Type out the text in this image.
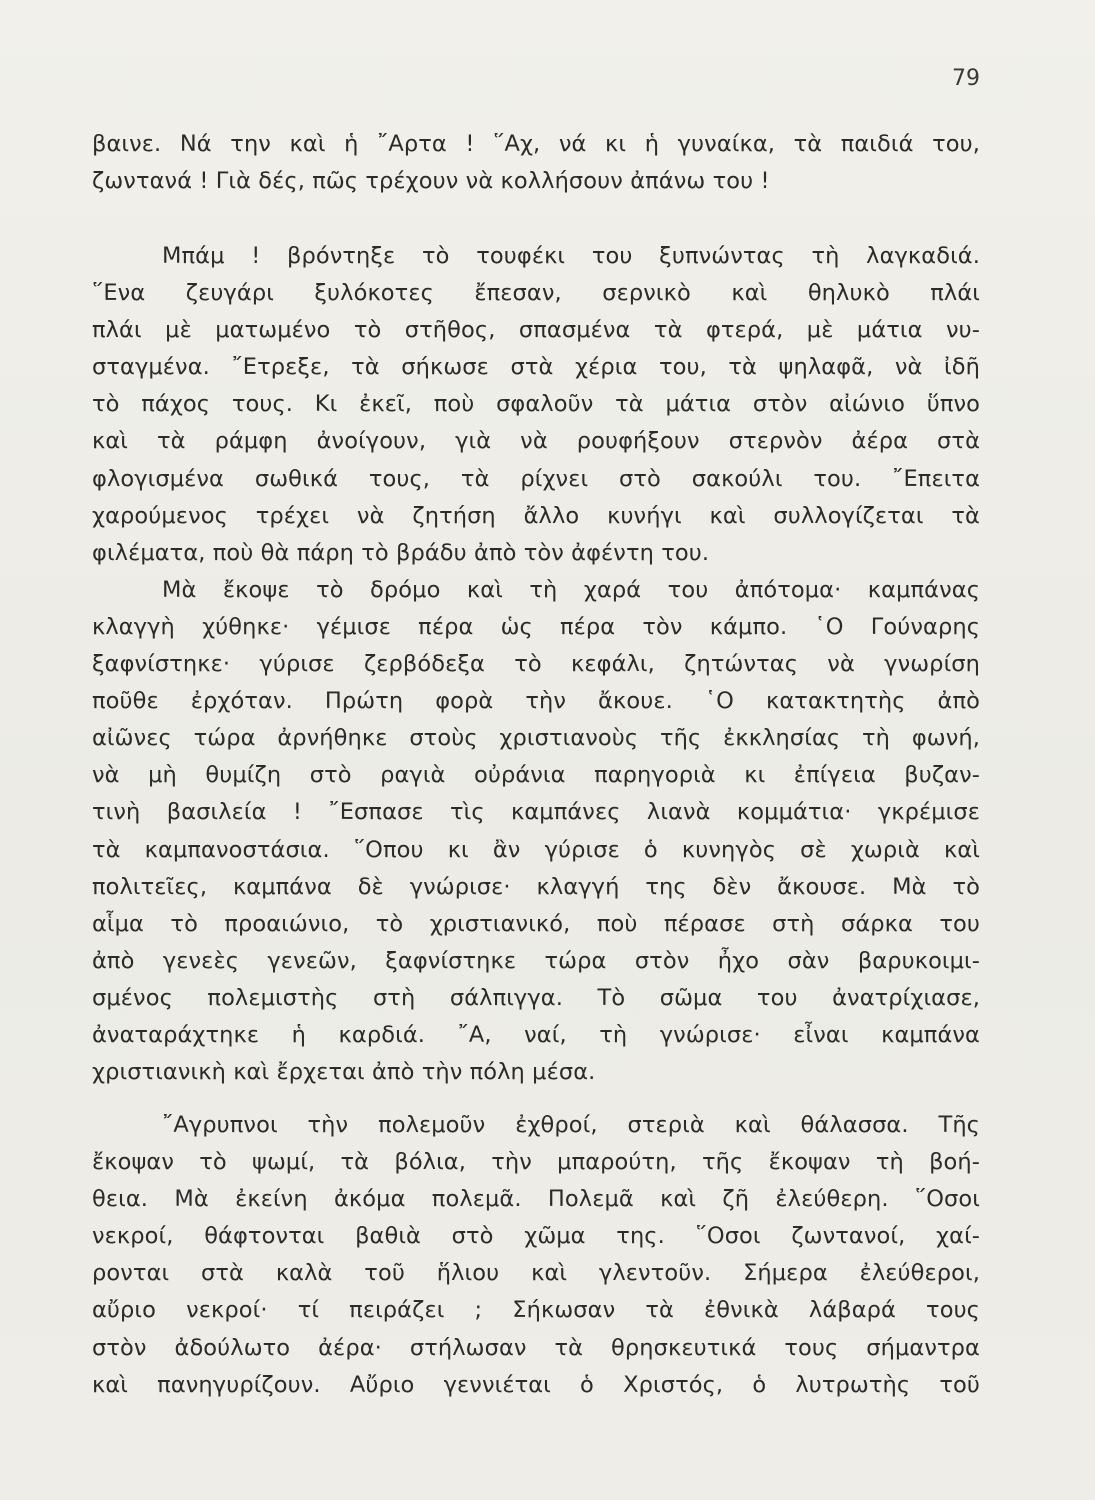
79
βαινε. Νά την καὶ ἡ ῎Αρτα ! ῞Αχ, νά κι ἡ γυναίκα, τὰ παιδιά του,
ζωντανά ! Γιὰ δές, πῶς τρέχουν νὰ κολλήσουν ἀπάνω του !
Μπάμ ! βρόντηξε τὸ τουφέκι του ξυπνώντας τὴ λαγκαδιά.
῞Ενα ζευγάρι ξυλόκοτες ἔπεσαν, σερνικὸ καὶ θηλυκὸ πλάι
πλάι μὲ ματωμένο τὸ στῆθος, σπασμένα τὰ φτερά, μὲ μάτια νυ-
σταγμένα. ῎Ετρεξε, τὰ σήκωσε στὰ χέρια του, τὰ ψηλαφᾶ, νὰ ἰδῆ
τὸ πάχος τους. Κι ἐκεῖ, ποὺ σφαλοῦν τὰ μάτια στὸν αἰώνιο ὕπνο
καὶ τὰ ράμφη ἀνοίγουν, γιὰ νὰ ρουφήξουν στερνὸν ἀέρα στὰ
φλογισμένα σωθικά τους, τὰ ρίχνει στὸ σακούλι του. ῎Επειτα
χαρούμενος τρέχει νὰ ζητήση ἄλλο κυνήγι καὶ συλλογίζεται τὰ
φιλέματα, ποὺ θὰ πάρη τὸ βράδυ ἀπὸ τὸν ἀφέντη του.
Μὰ ἔκοψε τὸ δρόμο καὶ τὴ χαρά του ἀπότομα· καμπάνας
κλαγγὴ χύθηκε· γέμισε πέρα ὡς πέρα τὸν κάμπο. ῾Ο Γούναρης
ξαφνίστηκε· γύρισε ζερβόδεξα τὸ κεφάλι, ζητώντας νὰ γνωρίση
ποῦθε ἐρχόταν. Πρώτη φορὰ τὴν ἄκουε. ῾Ο κατακτητὴς ἀπὸ
αἰῶνες τώρα ἀρνήθηκε στοὺς χριστιανοὺς τῆς ἐκκλησίας τὴ φωνή,
νὰ μὴ θυμίζη στὸ ραγιὰ οὐράνια παρηγοριὰ κι ἐπίγεια βυζαν-
τινὴ βασιλεία ! ῎Εσπασε τὶς καμπάνες λιανὰ κομμάτια· γκρέμισε
τὰ καμπανοστάσια. ῞Οπου κι ἂν γύρισε ὁ κυνηγὸς σὲ χωριὰ καὶ
πολιτεῖες, καμπάνα δὲ γνώρισε· κλαγγή της δὲν ἄκουσε. Μὰ τὸ
αἷμα τὸ προαιώνιο, τὸ χριστιανικό, ποὺ πέρασε στὴ σάρκα του
ἀπὸ γενεὲς γενεῶν, ξαφνίστηκε τώρα στὸν ἦχο σὰν βαρυκοιμι-
σμένος πολεμιστὴς στὴ σάλπιγγα. Τὸ σῶμα του ἀνατρίχιασε,
ἀναταράχτηκε ἡ καρδιά. ῎Α, ναί, τὴ γνώρισε· εἶναι καμπάνα
χριστιανικὴ καὶ ἔρχεται ἀπὸ τὴν πόλη μέσα.
῎Αγρυπνοι τὴν πολεμοῦν ἐχθροί, στεριὰ καὶ θάλασσα. Τῆς
ἔκοψαν τὸ ψωμί, τὰ βόλια, τὴν μπαρούτη, τῆς ἔκοψαν τὴ βοή-
θεια. Μὰ ἐκείνη ἀκόμα πολεμᾶ. Πολεμᾶ καὶ ζῆ ἐλεύθερη. ῞Οσοι
νεκροί, θάφτονται βαθιὰ στὸ χῶμα της. ῞Οσοι ζωντανοί, χαί-
ρονται στὰ καλὰ τοῦ ἥλιου καὶ γλεντοῦν. Σήμερα ἐλεύθεροι,
αὔριο νεκροί· τί πειράζει ; Σήκωσαν τὰ ἐθνικὰ λάβαρά τους
στὸν ἀδούλωτο ἀέρα· στήλωσαν τὰ θρησκευτικά τους σήμαντρα
καὶ πανηγυρίζουν. Αὔριο γεννιέται ὁ Χριστός, ὁ λυτρωτὴς τοῦ
